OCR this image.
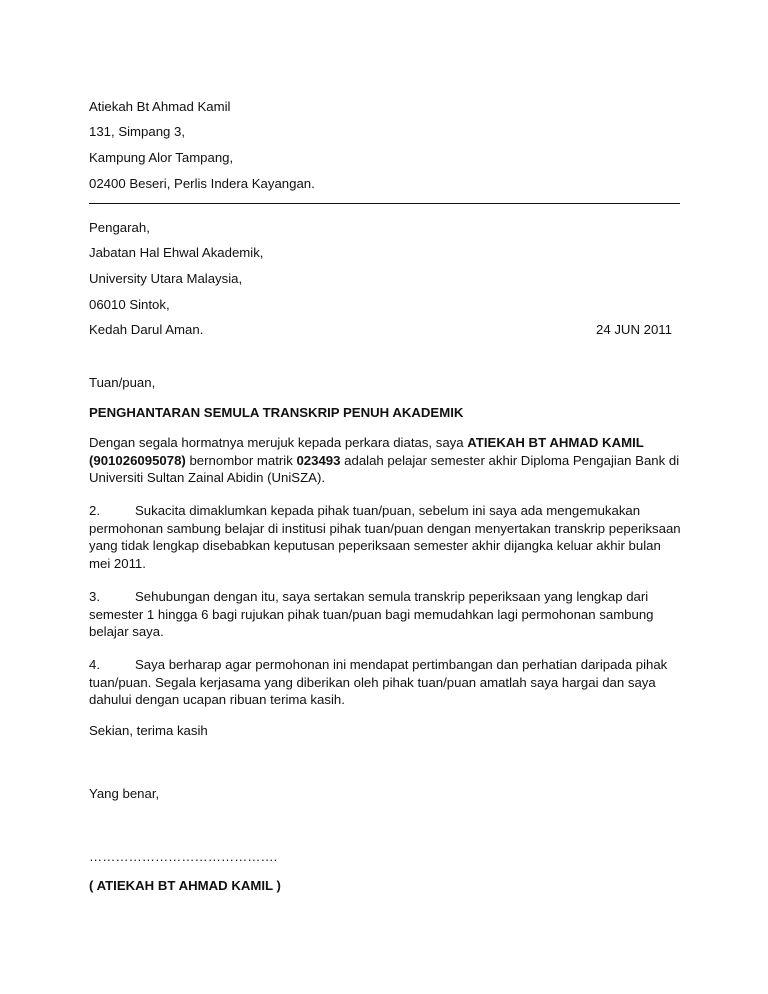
Atiekah Bt Ahmad Kamil
131, Simpang 3,
Kampung Alor Tampang,
02400 Beseri, Perlis Indera Kayangan.
Pengarah,
Jabatan Hal Ehwal Akademik,
University Utara Malaysia,
06010 Sintok,
Kedah Darul Aman.	24 JUN 2011
Tuan/puan,
PENGHANTARAN SEMULA TRANSKRIP PENUH AKADEMIK
Dengan segala hormatnya merujuk kepada perkara diatas, saya ATIEKAH BT AHMAD KAMIL (901026095078) bernombor matrik 023493 adalah pelajar semester akhir Diploma Pengajian Bank di Universiti Sultan Zainal Abidin (UniSZA).
2.	Sukacita dimaklumkan kepada pihak tuan/puan, sebelum ini saya ada mengemukakan permohonan sambung belajar di institusi pihak tuan/puan dengan menyertakan transkrip peperiksaan yang tidak lengkap disebabkan keputusan peperiksaan semester akhir dijangka keluar akhir bulan mei 2011.
3.	Sehubungan dengan itu, saya sertakan semula transkrip peperiksaan yang lengkap dari semester 1 hingga 6 bagi rujukan pihak tuan/puan bagi memudahkan lagi permohonan sambung belajar saya.
4.	Saya berharap agar permohonan ini mendapat pertimbangan dan perhatian daripada pihak tuan/puan. Segala kerjasama yang diberikan oleh pihak tuan/puan amatlah saya hargai dan saya dahului dengan ucapan ribuan terima kasih.
Sekian, terima kasih
Yang benar,
…………………………………….
( ATIEKAH BT AHMAD KAMIL )
